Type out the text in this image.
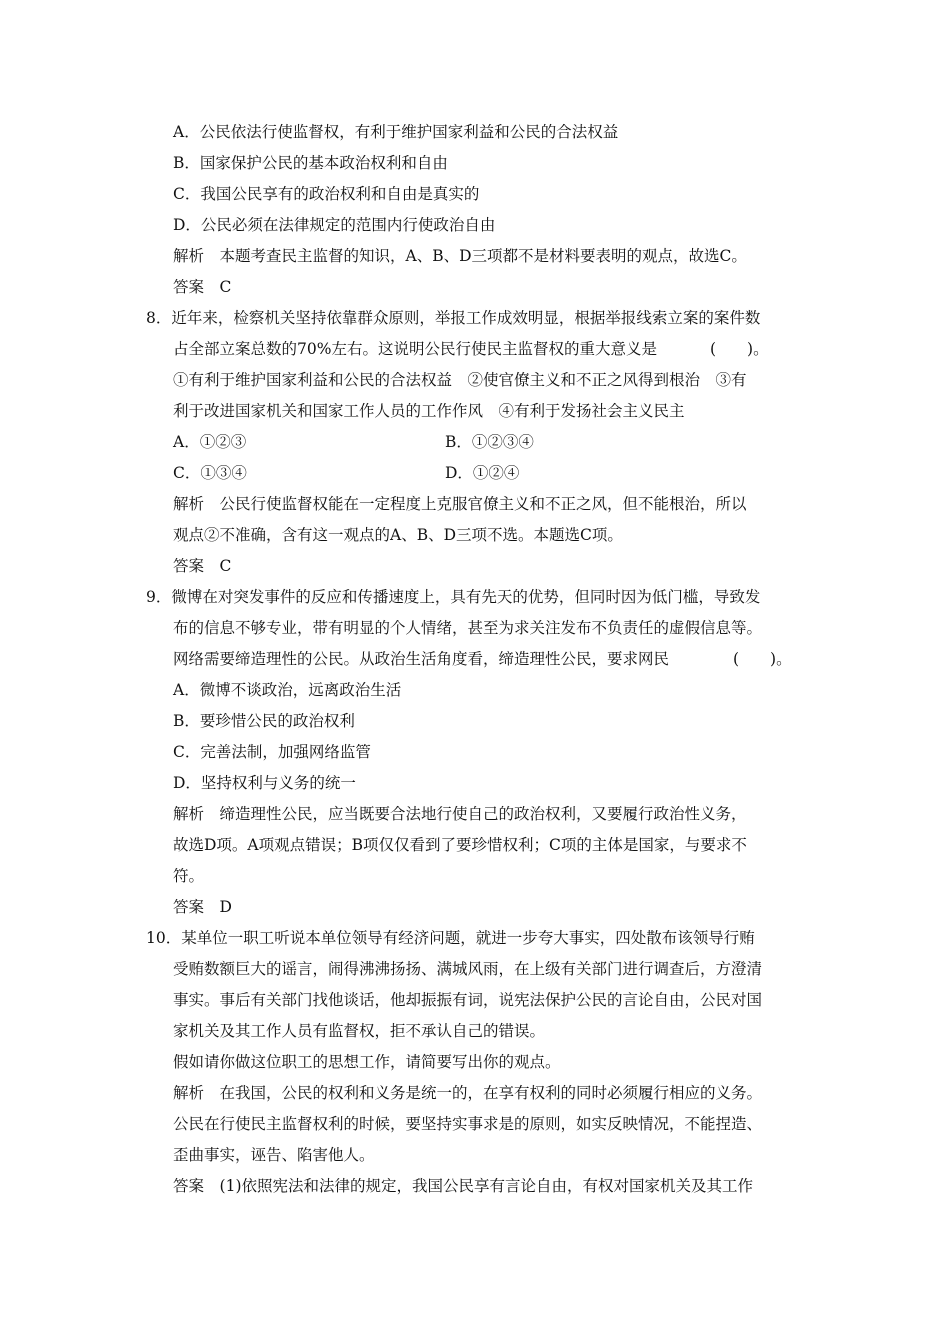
A．公民依法行使监督权，有利于维护国家利益和公民的合法权益
B．国家保护公民的基本政治权利和自由
C．我国公民享有的政治权利和自由是真实的
D．公民必须在法律规定的范围内行使政治自由
解析　 本题考查民主监督的知识，A、B、D三项都不是材料要表明的观点，故选C。
答案　 C
8．近年来，检察机关坚持依靠群众原则，举报工作成效明显，根据举报线索立案的案件数
占全部立案总数的70%左右。这说明公民行使民主监督权的重大意义是	(　　)。
①有利于维护国家利益和公民的合法权益　②使官僚主义和不正之风得到根治　③有
利于改进国家机关和国家工作人员的工作作风　④有利于发扬社会主义民主
A．①②③	B．①②③④
C．①③④	D．①②④
解析　 公民行使监督权能在一定程度上克服官僚主义和不正之风，但不能根治，所以
观点②不准确，含有这一观点的A、B、D三项不选。本题选C项。
答案　 C
9．微博在对突发事件的反应和传播速度上，具有先天的优势，但同时因为低门槛，导致发
布的信息不够专业，带有明显的个人情绪，甚至为求关注发布不负责任的虚假信息等。
网络需要缔造理性的公民。从政治生活角度看，缔造理性公民，要求网民	(　　)。
A．微博不谈政治，远离政治生活
B．要珍惜公民的政治权利
C．完善法制，加强网络监管
D．坚持权利与义务的统一
解析　 缔造理性公民，应当既要合法地行使自己的政治权利，又要履行政治性义务，
故选D项。A项观点错误；B项仅仅看到了要珍惜权利；C项的主体是国家，与要求不
符。
答案　 D
10．某单位一职工听说本单位领导有经济问题，就进一步夸大事实，四处散布该领导行贿
受贿数额巨大的谣言，闹得沸沸扬扬、满城风雨，在上级有关部门进行调查后，方澄清
事实。事后有关部门找他谈话，他却振振有词，说宪法保护公民的言论自由，公民对国
家机关及其工作人员有监督权，拒不承认自己的错误。
假如请你做这位职工的思想工作，请简要写出你的观点。
解析　 在我国，公民的权利和义务是统一的，在享有权利的同时必须履行相应的义务。
公民在行使民主监督权利的时候，要坚持实事求是的原则，如实反映情况，不能捏造、
歪曲事实，诬告、陷害他人。
答案　 (1)依照宪法和法律的规定，我国公民享有言论自由，有权对国家机关及其工作
